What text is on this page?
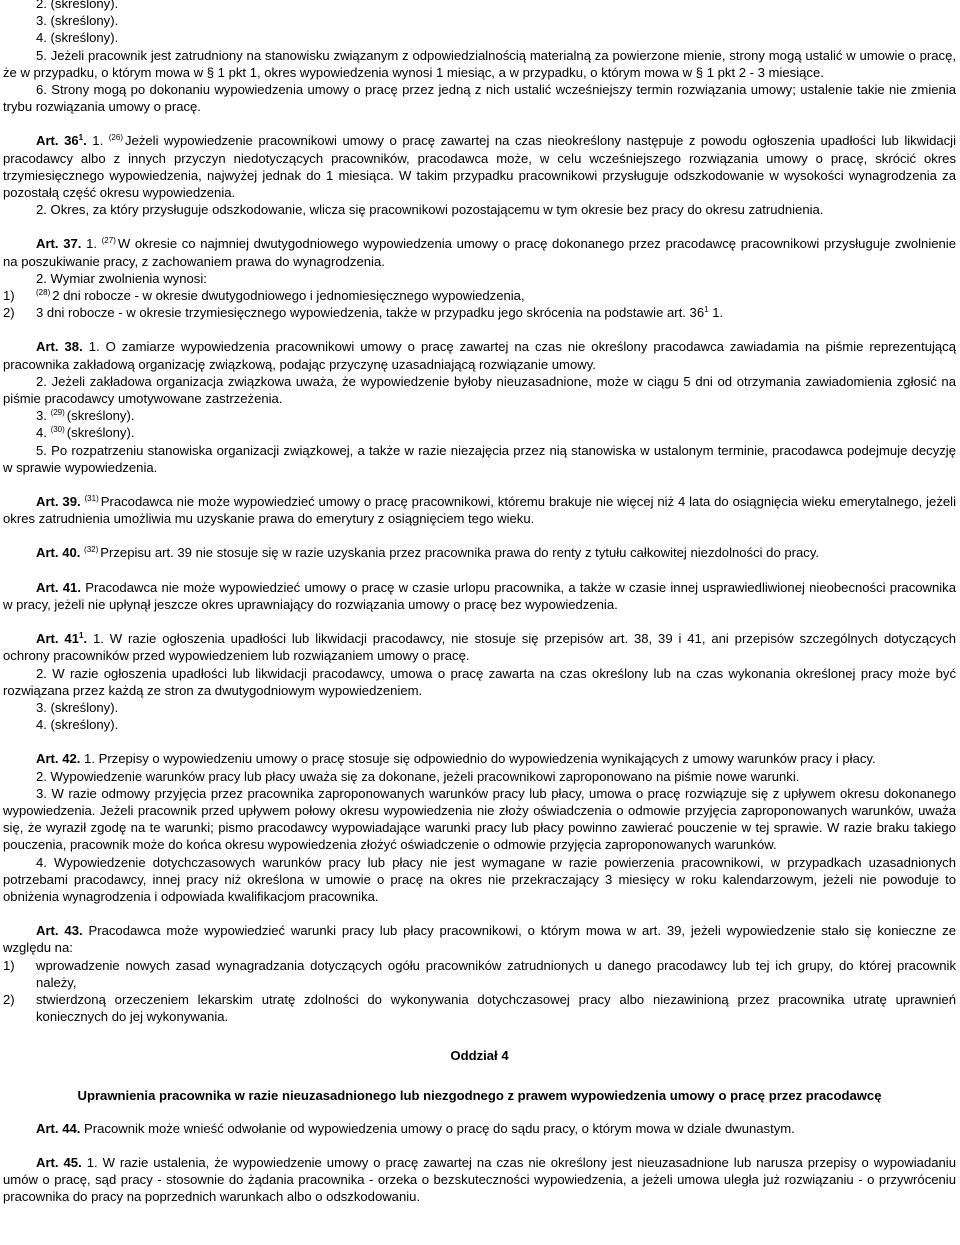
2. (skreślony).

3. (skreślony).

4. (skreślony).

5. Jeżeli pracownik jest zatrudniony na stanowisku związanym z odpowiedzialnością materialną za powierzone mienie, strony mogą ustalić w umowie o pracę, że w przypadku, o którym mowa w § 1 pkt 1, okres wypowiedzenia wynosi 1 miesiąc, a w przypadku, o którym mowa w § 1 pkt 2 - 3 miesiące.

6. Strony mogą po dokonaniu wypowiedzenia umowy o pracę przez jedną z nich ustalić wcześniejszy termin rozwiązania umowy; ustalenie takie nie zmienia trybu rozwiązania umowy o pracę.

Art. $36^1$. 1. $^{(26)}$ Jeżeli wypowiedzenie pracownikowi umowy o pracę zawartej na czas nieokreślony następuje z powodu ogłoszenia upadłości lub likwidacji pracodawcy albo z innych przyczyn niedotyczących pracowników, pracodawca może, w celu wcześniejszego rozwiązania umowy o pracę, skrócić okres trzymiesięcznego wypowiedzenia, najwyżej jednak do 1 miesiąca. W takim przypadku pracownikowi przysługuje odszkodowanie w wysokości wynagrodzenia za pozostałą część okresu wypowiedzenia.

2. Okres, za który przysługuje odszkodowanie, wlicza się pracownikowi pozostającemu w tym okresie bez pracy do okresu zatrudnienia.

Art. 37. 1. $^{(27)}$ W okresie co najmniej dwutygodniowego wypowiedzenia umowy o pracę dokonanego przez pracodawcę pracownikowi przysługuje zwolnienie na poszukiwanie pracy, z zachowaniem prawa do wynagrodzenia.

2. Wymiar zwolnienia wynosi:

1)	$^{(28)}$ 2 dni robocze - w okresie dwutygodniowego i jednomiesięcznego wypowiedzenia,
2)	3 dni robocze - w okresie trzymiesięcznego wypowiedzenia, także w przypadku jego skrócenia na podstawie art. $36^1$ 1.

Art. 38. 1. O zamiarze wypowiedzenia pracownikowi umowy o pracę zawartej na czas nie określony pracodawca zawiadamia na piśmie reprezentującą pracownika zakładową organizację związkową, podając przyczynę uzasadniającą rozwiązanie umowy.

2. Jeżeli zakładowa organizacja związkowa uważa, że wypowiedzenie byłoby nieuzasadnione, może w ciągu 5 dni od otrzymania zawiadomienia zgłosić na piśmie pracodawcy umotywowane zastrzeżenia.

3. $^{(29)}$ (skreślony).

4. $^{(30)}$ (skreślony).

5. Po rozpatrzeniu stanowiska organizacji związkowej, a także w razie niezajęcia przez nią stanowiska w ustalonym terminie, pracodawca podejmuje decyzję w sprawie wypowiedzenia.

Art. 39. $^{(31)}$ Pracodawca nie może wypowiedzieć umowy o pracę pracownikowi, któremu brakuje nie więcej niż 4 lata do osiągnięcia wieku emerytalnego, jeżeli okres zatrudnienia umożliwia mu uzyskanie prawa do emerytury z osiągnięciem tego wieku.

Art. 40. $^{(32)}$ Przepisu art. 39 nie stosuje się w razie uzyskania przez pracownika prawa do renty z tytułu całkowitej niezdolności do pracy.

Art. 41. Pracodawca nie może wypowiedzieć umowy o pracę w czasie urlopu pracownika, a także w czasie innej usprawiedliwionej nieobecności pracownika w pracy, jeżeli nie upłynął jeszcze okres uprawniający do rozwiązania umowy o pracę bez wypowiedzenia.

Art. $41^1$. 1. W razie ogłoszenia upadłości lub likwidacji pracodawcy, nie stosuje się przepisów art. 38, 39 i 41, ani przepisów szczególnych dotyczących ochrony pracowników przed wypowiedzeniem lub rozwiązaniem umowy o pracę.

2. W razie ogłoszenia upadłości lub likwidacji pracodawcy, umowa o pracę zawarta na czas określony lub na czas wykonania określonej pracy może być rozwiązana przez każdą ze stron za dwutygodniowym wypowiedzeniem.

3. (skreślony).

4. (skreślony).

Art. 42. 1. Przepisy o wypowiedzeniu umowy o pracę stosuje się odpowiednio do wypowiedzenia wynikających z umowy warunków pracy i płacy.

2. Wypowiedzenie warunków pracy lub płacy uważa się za dokonane, jeżeli pracownikowi zaproponowano na piśmie nowe warunki.

3. W razie odmowy przyjęcia przez pracownika zaproponowanych warunków pracy lub płacy, umowa o pracę rozwiązuje się z upływem okresu dokonanego wypowiedzenia. Jeżeli pracownik przed upływem połowy okresu wypowiedzenia nie złoży oświadczenia o odmowie przyjęcia zaproponowanych warunków, uważa się, że wyraził zgodę na te warunki; pismo pracodawcy wypowiadające warunki pracy lub płacy powinno zawierać pouczenie w tej sprawie. W razie braku takiego pouczenia, pracownik może do końca okresu wypowiedzenia złożyć oświadczenie o odmowie przyjęcia zaproponowanych warunków.

4. Wypowiedzenie dotychczasowych warunków pracy lub płacy nie jest wymagane w razie powierzenia pracownikowi, w przypadkach uzasadnionych potrzebami pracodawcy, innej pracy niż określona w umowie o pracę na okres nie przekraczający 3 miesięcy w roku kalendarzowym, jeżeli nie powoduje to obniżenia wynagrodzenia i odpowiada kwalifikacjom pracownika.

Art. 43. Pracodawca może wypowiedzieć warunki pracy lub płacy pracownikowi, o którym mowa w art. 39, jeżeli wypowiedzenie stało się konieczne ze względu na:

1)	wprowadzenie nowych zasad wynagradzania dotyczących ogółu pracowników zatrudnionych u danego pracodawcy lub tej ich grupy, do której pracownik należy,
2)	stwierdzoną orzeczeniem lekarskim utratę zdolności do wykonywania dotychczasowej pracy albo niezawinioną przez pracownika utratę uprawnień koniecznych do jej wykonywania.

Oddział 4

Uprawnienia pracownika w razie nieuzasadnionego lub niezgodnego z prawem wypowiedzenia umowy o pracę przez pracodawcę

Art. 44. Pracownik może wnieść odwołanie od wypowiedzenia umowy o pracę do sądu pracy, o którym mowa w dziale dwunastym.

Art. 45. 1. W razie ustalenia, że wypowiedzenie umowy o pracę zawartej na czas nie określony jest nieuzasadnione lub narusza przepisy o wypowiadaniu umów o pracę, sąd pracy - stosownie do żądania pracownika - orzeka o bezskuteczności wypowiedzenia, a jeżeli umowa uległa już rozwiązaniu - o przywróceniu pracownika do pracy na poprzednich warunkach albo o odszkodowaniu.
